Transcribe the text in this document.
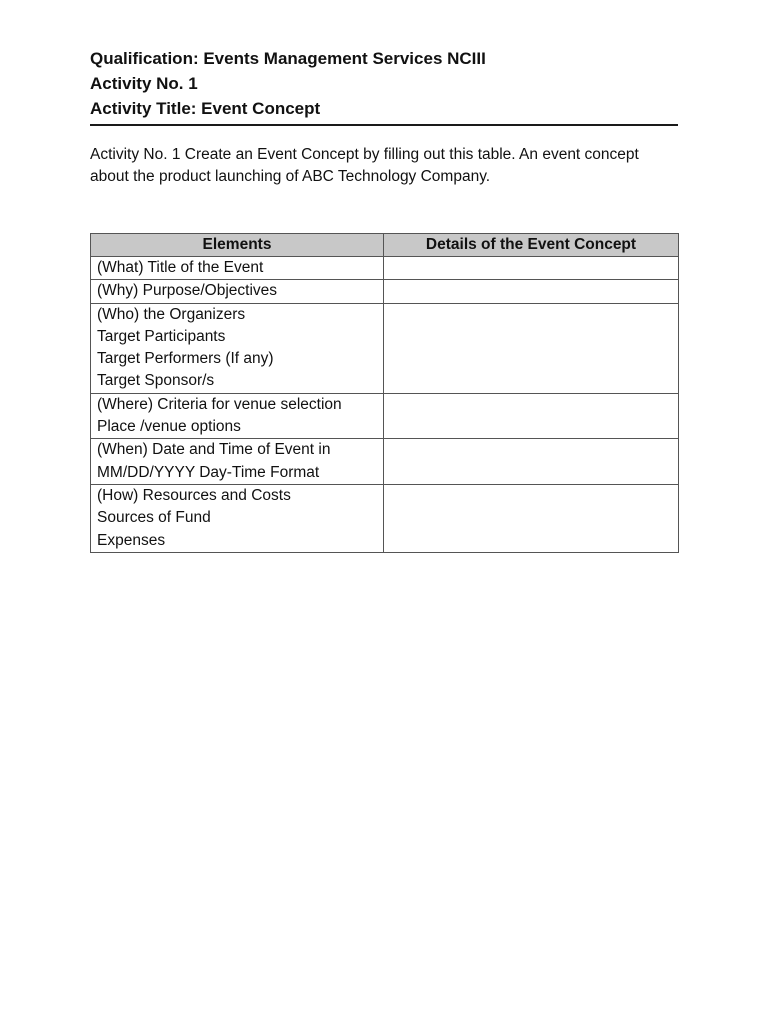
Qualification: Events Management Services NCIII
Activity No. 1
Activity Title: Event Concept
Activity No. 1 Create an Event Concept by filling out this table. An event concept about the product launching of ABC Technology Company.
Elements	Details of the Event Concept

(What) Title of the Event	

(Why) Purpose/Objectives	

(Who) the Organizers
Target Participants
Target Performers (If any)
Target Sponsor/s	

(Where) Criteria for venue selection
Place /venue options	

(When) Date and Time of Event in
MM/DD/YYYY Day-Time Format	

(How) Resources and Costs
Sources of Fund
Expenses	
